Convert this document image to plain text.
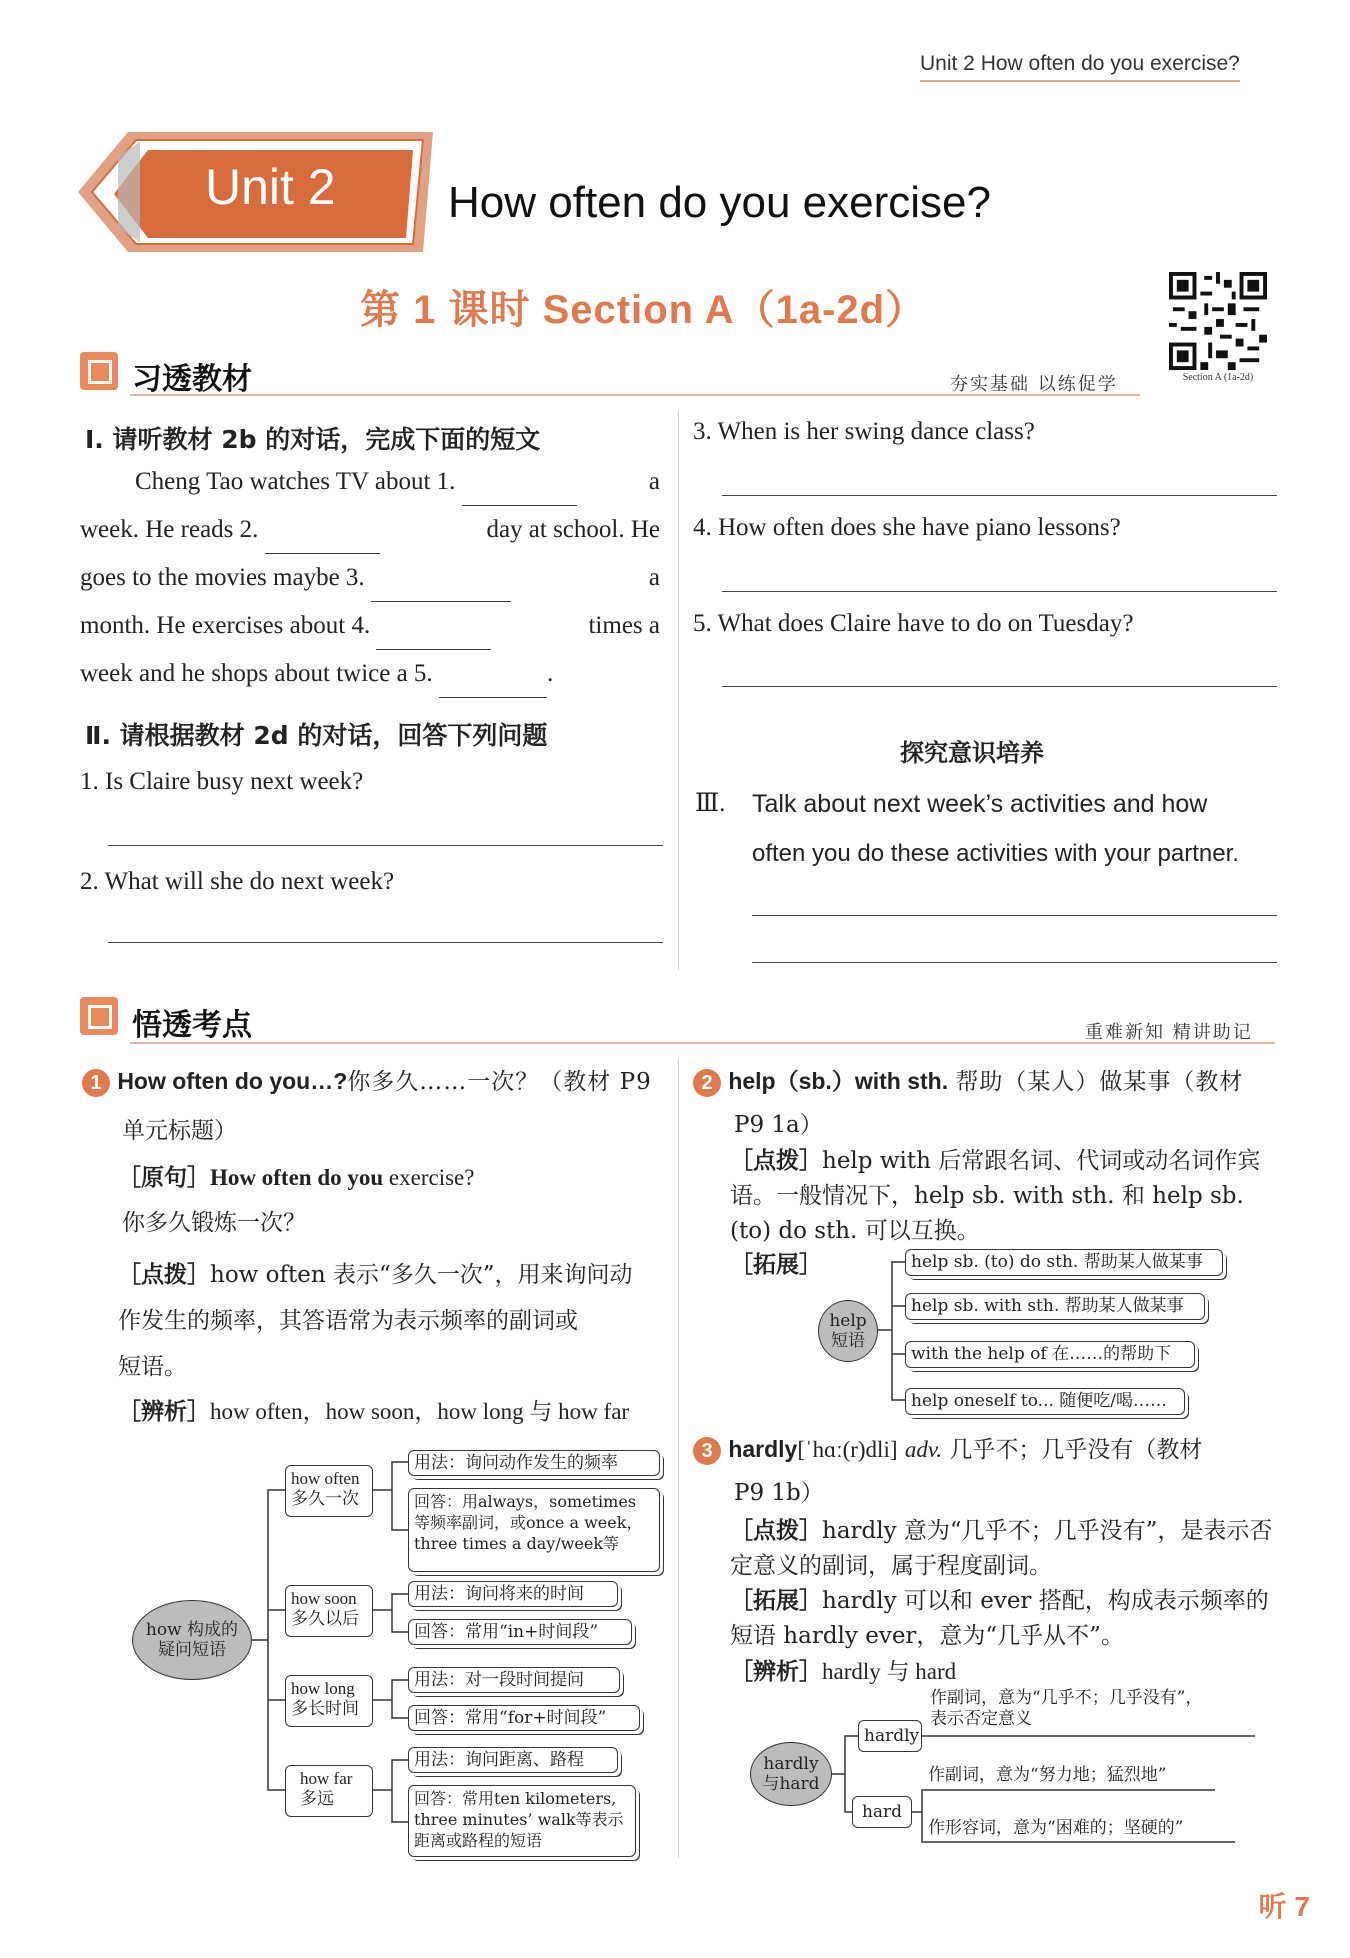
Unit 2 How often do you exercise?
Unit 2	How often do you exercise?
第 1 课时 Section A（1a-2d）
Section A (1a-2d)
习透教材	夯实基础 以练促学
Ⅰ. 请听教材 2b 的对话，完成下面的短文
Cheng Tao watches TV about 1.	a
week. He reads 2.	day at school. He
goes to the movies maybe 3.	a
month. He exercises about 4.	times a
week and he shops about twice a 5.	.
Ⅱ. 请根据教材 2d 的对话，回答下列问题
1. Is Claire busy next week?
2. What will she do next week?
3. When is her swing dance class?
4. How often does she have piano lessons?
5. What does Claire have to do on Tuesday?
探究意识培养
Ⅲ. Talk about next week’s activities and how
often you do these activities with your partner.
悟透考点	重难新知 精讲助记
1 How often do you…?你多久……一次？（教材 P9
单元标题）
［原句］How often do you exercise?
你多久锻炼一次？
［点拨］how often 表示“多久一次”，用来询问动
作发生的频率，其答语常为表示频率的副词或
短语。
［辨析］how often，how soon，how long 与 how far
how 构成的疑问短语
how often
多久一次
用法：询问动作发生的频率
回答：用always，sometimes
等频率副词，或once a week，
three times a day/week等
how soon
多久以后
用法：询问将来的时间
回答：常用“in+时间段”
how long
多长时间
用法：对一段时间提问
回答：常用“for+时间段”
how far
多远
用法：询问距离、路程
回答：常用ten kilometers,
three minutes’ walk等表示
距离或路程的短语
2 help（sb.）with sth. 帮助（某人）做某事（教材
P9 1a）
［点拨］help with 后常跟名词、代词或动名词作宾
语。一般情况下，help sb. with sth. 和 help sb.
(to) do sth. 可以互换。
［拓展］
help 短语
help sb. (to) do sth. 帮助某人做某事
help sb. with sth. 帮助某人做某事
with the help of 在……的帮助下
help oneself to... 随便吃/喝……
3 hardly[ˈhɑː(r)dli] adv. 几乎不；几乎没有（教材
P9 1b）
［点拨］hardly 意为“几乎不；几乎没有”，是表示否
定意义的副词，属于程度副词。
［拓展］hardly 可以和 ever 搭配，构成表示频率的
短语 hardly ever，意为“几乎从不”。
［辨析］hardly 与 hard
hardly 与hard
hardly
hard
作副词，意为“几乎不；几乎没有”，
表示否定意义
作副词，意为“努力地；猛烈地”
作形容词，意为“困难的；坚硬的”
听 7
